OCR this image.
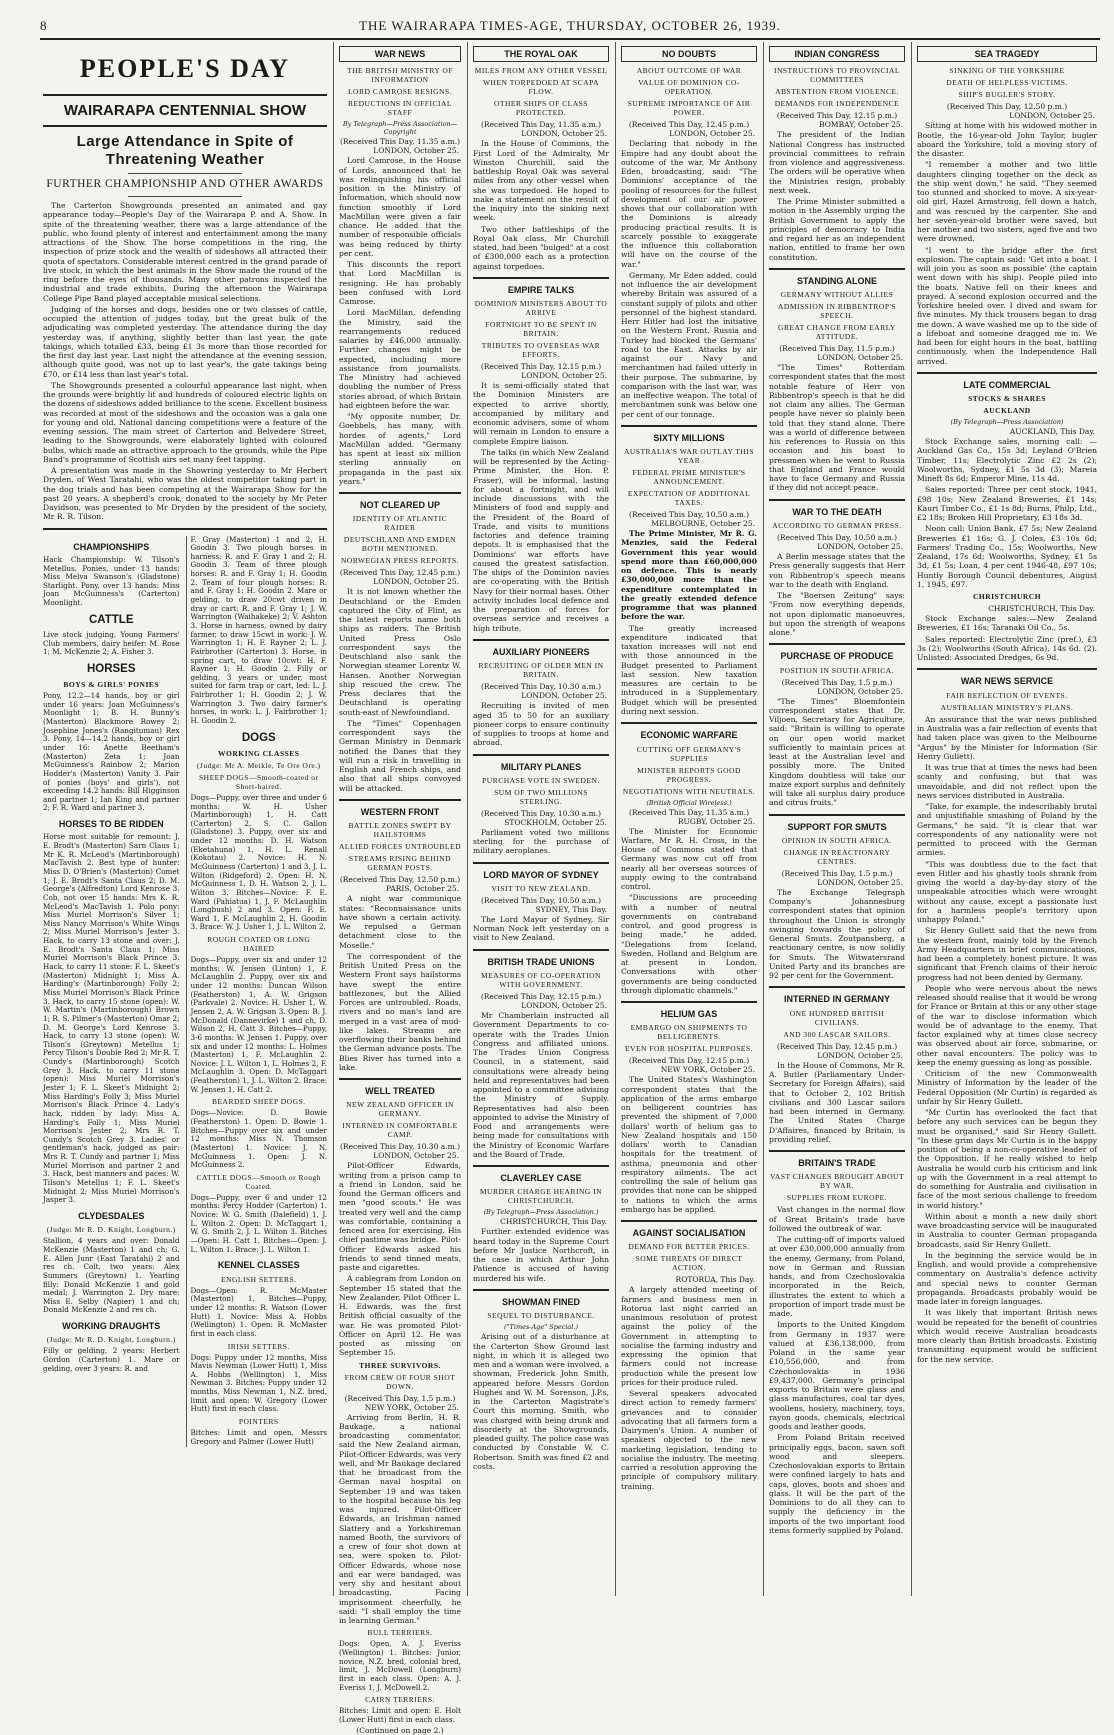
8	THE WAIRARAPA TIMES-AGE, THURSDAY, OCTOBER 26, 1939.
PEOPLE'S DAY
WAIRARAPA CENTENNIAL SHOW
Large Attendance in Spite of Threatening Weather
FURTHER CHAMPIONSHIP AND OTHER AWARDS

The Carterton Showgrounds presented an animated and gay appearance today—People's Day of the Wairarapa P. and A. Show. In spite of the threatening weather, there was a large attendance of the public, who found plenty of interest and entertainment among the many attractions of the Show. The horse competitions in the ring, the inspection of prize stock and the wealth of sideshows all attracted their quota of spectators. Considerable interest centred in the grand parade of live stock, in which the best animals in the Show made the round of the ring before the eyes of thousands. Many other patrons inspected the industrial and trade exhibits. During the afternoon the Wairarapa College Pipe Band played acceptable musical selections.

Judging of the horses and dogs, besides one or two classes of cattle, occupied the attention of judges today, but the great bulk of the adjudicating was completed yesterday. The attendance during the day yesterday was, if anything, slightly better than last year, the gate takings, which totalled £33, being £1 3s more than those recorded for the first day last year. Last night the attendance at the evening session, although quite good, was not up to last year's, the gate takings being £70, or £14 less than last year's total.

The Showgrounds presented a colourful appearance last night, when the grounds were brightly lit and hundreds of coloured electric lights on the dozens of sideshows added brilliance to the scene. Excellent business was recorded at most of the sideshows and the occasion was a gala one for young and old. National dancing competitions were a feature of the evening session. The main street of Carterton and Belvedere Street, leading to the Showgrounds, were elaborately lighted with coloured bulbs, which made an attractive approach to the grounds, while the Pipe Band's programme of Scottish airs set many feet tapping.

A presentation was made in the Showring yesterday to Mr Herbert Dryden, of West Taratahi, who was the oldest competitor taking part in the dog trials and has been competing at the Wairarapa Show for the past 20 years. A shepherd's crook, donated to the society by Mr Peter Davidson, was presented to Mr Dryden by the president of the society, Mr R. R. Tilson.

CHAMPIONSHIPS

Hack Championship: W. Tilson's Metellus. Ponies, under 13 hands: Miss Melva Swanson's (Gladstone) Starlight. Pony, over 13 hands: Miss Joan McGuinness's (Carterton) Moonlight.

CATTLE

Live stock judging, Young Farmers' Club members, dairy heifer: M. Rose 1; M. McKenzie 2; A. Fisher 3.

HORSES
BOYS & GIRLS' PONIES

Pony, 12.2—14 hands, boy or girl under 16 years: Joan McGuinness's Moonlight 1; B. H. Bunny's (Masterton) Blackmore Rowey 2; Josephine Jones's (Rangitumau) Rex 3. Pony, 14—14.2 hands, boy or girl under 16: Anette Beetham's (Masterton) Zeta 1; Joan McGuinness's Rainbow 2; Marion Hodder's (Masterton) Vanity 3. Pair of ponies (boys' and girls'), not exceeding 14.2 hands: Bill Higginson and partner 1; Ian King and partner 2; F. R. Ward and partner 3.

HORSES TO BE RIDDEN

Horse most suitable for remount: J. E. Brodt's (Masterton) Sarn Claus 1; Mr K. R. McLeod's (Martinborough) MacTavish 2. Best type of hunter: Miss D. O'Brien's (Masterton) Comet 1; J. E. Brodt's Santa Claus 2; D. M. George's (Alfredton) Lord Kenrose 3. Cob, not over 15 hands: Mrs K. R. McLeod's MacTavish 1. Polo pony: Miss Muriel Morrison's Silver 1; Miss Nancy Morrison's White Wings 2; Miss Muriel Morrison's Jester 3. Hack, to carry 13 stone and over: J. E. Brodt's Santa Claus 1; Miss Muriel Morrison's Black Prince 3. Hack, to carry 11 stone: F. L. Skeet's (Masterton) Midnight 1; Miss A. Harding's (Martinborough) Folly 2; Miss Muriel Morrison's Black Prince 3. Hack, to carry 15 stone (open): W. W. Martin's (Martinborough) Brown 1; R. S. Pilmer's (Masterton) Omar 2; D. M. George's Lord Kenrose 3. Hack, to carry 13 stone (open): W. Tilson's (Greytown) Metellus 1; Percy Tilson's Double Red 2; Mr R. T. Cundy's (Martinborough) Scotch Grey 3. Hack, to carry 11 stone (open): Miss Muriel Morrison's Jester 1; F. L. Skeet's Midnight 2; Miss Harding's Folly 3; Miss Muriel Morrison's Black Prince 4. Lady's hack, ridden by lady: Miss A. Harding's Folly 1; Miss Muriel Morrison's Jester 2; Mrs R. T. Cundy's Scotch Grey 3. Ladies' or gentleman's hack, judged as pair: Mrs R. T. Cundy and partner 1; Miss Muriel Morrison and partner 2 and 3. Hack, best manners and paces: W. Tilson's Metellus 1; F. L. Skeet's Midnight 2; Miss Muriel Morrison's Jasper 3.

CLYDESDALES
(Judge: Mr R. D. Knight, Longburn.)

Stallion, 4 years and over: Donald McKenzie (Masterton) 1 and ch; G. E. Allen Junr (East Taratahi) 2 and res ch. Colt, two years: Alex Summers (Greytown) 1. Yearling filly: Donald McKenzie 1 and gold medal; J. Warrington 2. Dry mare: Miss E. Selby (Napier) 1 and ch; Donald McKenzie 2 and res ch.

WORKING DRAUGHTS
(Judge: Mr R. D. Knight, Longburn.)

Filly or gelding, 2 years: Herbert Gordon (Carterton) 1. Mare or gelding, over 3 years: R. and

F. Gray (Masterton) 1 and 2, H. Goodin 3. Two plough horses in harness: R. and F. Gray 1 and 2; H. Goodin 3. Team of three plough horses: R. and F. Gray 1; H. Goodin 2. Team of four plough horses: R. and F. Gray 1; H. Goodin 2. Mare or gelding, to draw 20cwt driven in dray or cart: R. and F. Gray 1; J. W. Warrington (Waihakeke) 2; V. Ashton 3. Horse in harness, owned by dairy farmer, to draw 15cwt in work: J. W. Warrington 1; H. F. Rayner 2; L. J. Fairbrother (Carterton) 3. Horse, in spring cart, to draw 10cwt: H. F. Rayner 1; H. Goodin 2. Filly or gelding, 3 years or under, most suited for farm trap or cart, led: L. J. Fairbrother 1; H. Goodin 2; J. W. Warrington 3. Two dairy farmer's horses, in work: L. J. Fairbrother 1; H. Goodin 2.

DOGS
WORKING CLASSES
(Judge: Mr A. Meikle, Te Ore Ore.)
SHEEP DOGS—Smooth-coated or Short-haired.

Dogs—Puppy, over three and under 6 months: W. H. Usher (Martinborough) 1, H. Catt (Carterton) 2, S. C. Gallon (Gladstone) 3. Puppy, over six and under 12 months: D. H. Watson (Eketahuna) 1, H. L. Renall (Kokotau) 2. Novice: H. N. McGuinness (Carterton) 1 and 3, J. L. Wilton (Ridgeford) 2. Open: H. N. McGuinness 1, D. H. Watson 2, J. L. Wilton 3. Bitches—Novice: F. E. Ward (Pahiatua) 1, J. F. McLaughlin (Longbush) 2 and 3. Open: F. E. Ward 1, F. McLaughlin 2, H. Goodin 3. Brace: W. J. Usher 1, J. L. Wilton 2.

ROUGH COATED OR LONG HAIRED

Dogs—Puppy, over six and under 12 months: W. Jensen (Linton) 1, F. McLaughlin 2. Puppy, over six and under 12 months: Duncan Wilson (Featherston) 1, A. W. Grigson (Parkvale) 2. Novice: H. Usher 1, W. Jensen 2, A. W. Grigson 3. Open: B. J. McDonald (Dannevirke) 1 and ch, D. Wilson 2, H. Catt 3. Bitches—Puppy, 3-6 months: W. Jensen 1. Puppy, over six and under 12 months: L. Holmes (Masterton) 1, F. McLaughlin 2. Novice: J. L. Wilton 1, L. Holmes 2, F. McLaughlin 3. Open: D. McTaggart (Featherston) 1, J. L. Wilton 2. Brace: W. Jensen 1, H. Catt 2.

BEARDED SHEEP DOGS.

Dogs—Novice: D. Bowie (Featherston) 1. Open: D. Bowie 1. Bitches—Puppy over six and under 12 months: Miss N. Thomson (Masterton) 1. Novice: J. N. McGuinness 1. Open: J. N. McGuinness 2.

CATTLE DOGS—Smooth or Rough Coated.

Dogs—Puppy, over 6 and under 12 months: Percy Hodder (Carterton) 1. Novice: W. G. Smith (Dalefield) 1, J. L. Wilton 2. Open: D. McTaggart 1, W. G. Smith 2, J. L. Wilton 3. Bitches—Open: H. Catt 1. Bitches—Open: J. L. Wilton 1. Brace: J. L. Wilton 1.

KENNEL CLASSES
ENGLISH SETTERS.

Dogs—Open: R. McMaster (Masterton) 1. Bitches—Puppy, under 12 months: R. Watson (Lower Hutt) 1. Novice: Miss A. Hobbs (Wellington) 1. Open: R. McMaster first in each class.

IRISH SETTERS.

Dogs: Puppy under 12 months, Miss Mavis Newman (Lower Hutt) 1, Miss A. Hobbs (Wellington) 1, Miss Newman 3. Bitches: Puppy under 12 months, Miss Newman 1, N.Z. bred, limit and open: W. Gregory (Lower Hutt) first in each class.

POINTERS

Bitches: Limit and open, Messrs Gregory and Palmer (Lower Hutt)

WAR NEWS
THE BRITISH MINISTRY OF INFORMATION
LORD CAMROSE RESIGNS.
REDUCTIONS IN OFFICIAL STAFF
By Telegraph—Press Association—Copyright
(Received This Day, 11.35 a.m.)
LONDON, October 25.

Lord Camrose, in the House of Lords, announced that he was relinquishing his official position in the Ministry of Information, which should now function smoothly if Lord MacMillan were given a fair chance. He added that the number of responsible officials was being reduced by thirty per cent.

This discounts the report that Lord MacMillan is resigning. He has probably been confused with Lord Camrose.

Lord MacMillan, defending the Ministry, said the rearrangements reduced salaries by £46,000 annually. Further changes might be expected, including more assistance from journalists. The Ministry had achieved doubling the number of Press stories abroad, of which Britain had eighteen before the war.

"My opposite number, Dr. Goebbels, has many, with hordes of agents," Lord MacMillan added. "Germany has spent at least six million sterling annually on propaganda in the past six years."

NOT CLEARED UP
IDENTITY OF ATLANTIC RAIDER
DEUTSCHLAND AND EMDEN BOTH MENTIONED.
NORWEGIAN PRESS REPORTS.
(Received This Day, 12.45 p.m.)
LONDON, October 25.

It is not known whether the Deutschland or the Emden captured the City of Flint, as the latest reports name both ships as raiders. The British United Press Oslo correspondent says the Deutschland also sank the Norwegian steamer Lorentz W. Hansen. Another Norwegian ship rescued the crew. The Press declares that the Deutschland is operating south-east of Newfoundland.

The "Times" Copenhagen correspondent says the German Ministry in Denmark notified the Danes that they will run a risk in travelling in English and French ships, and also that all ships convoyed will be attacked.

WESTERN FRONT
BATTLE ZONES SWEPT BY HAILSTORMS
ALLIED FORCES UNTROUBLED
STREAMS RISING BEHIND GERMAN POSTS.
(Received This Day, 12.50 p.m.)
PARIS, October 25.

A night war communique states: "Reconnaissance units have shown a certain activity. We repulsed a German detachment close to the Moselle."

The correspondent of the British United Press on the Western Front says hailstorms have swept the entire battlezones, but the Allied Forces are untroubled. Roads, rivers and no man's land are merged in a vast area of mud-like lakes. Streams are overflowing their banks behind the German advance posts. The Blies River has turned into a lake.

WELL TREATED
NEW ZEALAND OFFICER IN GERMANY.
INTERNED IN COMFORTABLE CAMP.
(Received This Day, 10.30 a.m.)
LONDON, October 25.

Pilot-Officer Edwards, writing from a prison camp to a friend in London, said he found the German officers and men "good scouts." He was treated very well and the camp was comfortable, containing a fenced area for exercising. His chief pastime was bridge. Pilot-Officer Edwards asked his friends to send tinned meats, paste and cigarettes.

A cablegram from London on September 15 stated that the New Zealander, Pilot Officer L. H. Edwards, was the first British official casualty of the war. He was promoted Pilot-Officer on April 12. He was posted as missing on September 15.

THREE SURVIVORS.
FROM CREW OF FOUR SHOT DOWN.
(Received This Day, 1.5 p.m.)
NEW YORK, October 25.

Arriving from Berlin, H. R. Baukage, a national broadcasting commentator, said the New Zealand airman, Pilot-Officer Edwards, was very well, and Mr Baukage declared that he broadcast from the German naval hospital on September 19 and was taken to the hospital because his leg was injured. Pilot-Officer Edwards, an Irishman named Slattery and a Yorkshireman named Booth, the survivors of a crew of four shot down at sea, were spoken to. Pilot-Officer Edwards, whose nose and ear were bandaged, was very shy and hesitant about broadcasting. Facing imprisonment cheerfully, he said: "I shall employ the time in learning German."

BULL TERRIERS.

Dogs: Open, A. J. Everiss (Wellington) 1. Bitches: Junior, novice, N.Z. bred, colonial bred, limit, J. McDowell (Longburn) first in each class. Open: A. J. Everiss 1, J. McDowell 2.

CAIRN TERRIERS.

Bitches: Limit and open: E. Holt (Lower Hutt) first in each class.

(Continued on page 2.)
THE ROYAL OAK
MILES FROM ANY OTHER VESSEL
WHEN TORPEDOED AT SCAPA FLOW.
OTHER SHIPS OF CLASS PROTECTED.
(Received This Day, 11.35 a.m.)
LONDON, October 25.

In the House of Commons, the First Lord of the Admiralty, Mr Winston Churchill, said the battleship Royal Oak was several miles from any other vessel when she was torpedoed. He hoped to make a statement on the result of the inquiry into the sinking next week.

Two other battleships of the Royal Oak class, Mr Churchill stated, had been "bulged" at a cost of £300,000 each as a protection against torpedoes.

EMPIRE TALKS
DOMINION MINISTERS ABOUT TO ARRIVE
FORTNIGHT TO BE SPENT IN BRITAIN.
TRIBUTES TO OVERSEAS WAR EFFORTS.
(Received This Day, 12.15 p.m.)
LONDON, October 25.

It is semi-officially stated that the Dominion Ministers are expected to arrive shortly, accompanied by military and economic advisers, some of whom will remain in London to ensure a complete Empire liaison.

The talks (in which New Zealand will be represented by the Acting-Prime Minister, the Hon. P. Fraser), will be informal, lasting for about a fortnight, and will include discussions with the Ministers of food and supply and the President of the Board of Trade, and visits to munitions factories and defence training depots. It is emphasised that the Dominions' war efforts have caused the greatest satisfaction. The ships of the Dominion navies are co-operating with the British Navy for their normal bases. Other activity includes local defence and the preparation of forces for overseas service and receives a high tribute.

AUXILIARY PIONEERS
RECRUITING OF OLDER MEN IN BRITAIN.
(Received This Day, 10.30 a.m.)
LONDON, October 25.

Recruiting is invited of men aged 35 to 50 for an auxiliary pioneer corps to ensure continuity of supplies to troops at home and abroad.

MILITARY PLANES
PURCHASE VOTE IN SWEDEN.
SUM OF TWO MILLIONS STERLING.
(Received This Day, 10.30 a.m.)
STOCKHOLM, October 25.

Parliament voted two millions sterling for the purchase of military aeroplanes.

LORD MAYOR OF SYDNEY
VISIT TO NEW ZEALAND.
(Received This Day, 10.50 a.m.)
SYDNEY, This Day.

The Lord Mayor of Sydney, Sir Norman Nock left yesterday on a visit to New Zealand.

BRITISH TRADE UNIONS
MEASURES OF CO-OPERATION WITH GOVERNMENT.
(Received This Day, 12.15 p.m.)
LONDON, October 25.

Mr Chamberlain instructed all Government Departments to co-operate with the Trades Union Congress and affiliated unions. The Trades Union Congress Council, in a statement, said consultations were already being held and representatives had been appointed to a committee advising the Ministry of Supply. Representatives had also been appointed to advise the Ministry of Food and arrangements were being made for consultations with the Ministry of Economic Warfare and the Board of Trade.

CLAVERLEY CASE
MURDER CHARGE HEARING IN CHRISTCHURCH.
(By Telegraph—Press Association.)
CHRISTCHURCH, This Day.

Further extended evidence was heard today in the Supreme Court before Mr Justice Northcroft, in the case in which Arthur John Patience is accused of having murdered his wife.

SHOWMAN FINED
SEQUEL TO DISTURBANCE.
("Times-Age" Special.)

Arising out of a disturbance at the Carterton Show Ground last night, in which it is alleged two men and a woman were involved, a showman, Frederick John Smith, appeared before Messrs Gordon Hughes and W. M. Sorenson, J.P.s, in the Carterton Magistrate's Court this morning. Smith, who was charged with being drunk and disorderly at the Showgrounds, pleaded guilty. The police case was conducted by Constable W. C. Robertson. Smith was fined £2 and costs.

NO DOUBTS
ABOUT OUTCOME OF WAR
VALUE OF DOMINION CO-OPERATION.
SUPREME IMPORTANCE OF AIR POWER.
(Received This Day, 12.45 p.m.)
LONDON, October 25.

Declaring that nobody in the Empire had any doubt about the outcome of the war, Mr Anthony Eden, broadcasting, said: "The Dominions' acceptance of the pooling of resources for the fullest development of our air power shows that our collaboration with the Dominions is already producing practical results. It is scarcely possible to exaggerate the influence this collaboration will have on the course of the war."

Germany, Mr Eden added, could not influence the air development whereby Britain was assured of a constant supply of pilots and other personnel of the highest standard. Herr Hitler had lost the initiative on the Western Front. Russia and Turkey had blocked the Germans' road to the East. Attacks by air against our Navy and merchantmen had failed utterly in their purpose. The submarine, by comparison with the last war, was an ineffective weapon. The total of merchantmen sunk was below one per cent of our tonnage.

SIXTY MILLIONS
AUSTRALIA'S WAR OUTLAY THIS YEAR
FEDERAL PRIME MINISTER'S ANNOUNCEMENT.
EXPECTATION OF ADDITIONAL TAXES.
(Received This Day, 10.50 a.m.)
MELBOURNE, October 25.

The Prime Minister, Mr R. G. Menzies, said the Federal Government this year would spend more than £60,000,000 on defence. This is nearly £30,000,000 more than the expenditure contemplated in the greatly extended defence programme that was planned before the war.

The greatly increased expenditure indicated that taxation increases will not end with those announced in the Budget presented to Parliament last session. New taxation measures are certain to be introduced in a Supplementary Budget which will be presented during next session.

ECONOMIC WARFARE
CUTTING OFF GERMANY'S SUPPLIES
MINISTER REPORTS GOOD PROGRESS.
NEGOTIATIONS WITH NEUTRALS.
(British Official Wireless.)
(Received This Day, 11.35 a.m.)
RUGBY, October 25.

The Minister for Economic Warfare, Mr R. H. Cross, in the House of Commons stated that Germany was now cut off from nearly all her overseas sources of supply owing to the contraband control.

"Discussions are proceeding with a number of neutral governments on contraband control, and good progress is being made," he added. "Delegations from Iceland, Sweden, Holland and Belgium are at present in London. Conversations with other governments are being conducted through diplomatic channels."

HELIUM GAS
EMBARGO ON SHIPMENTS TO BELLIGERENTS.
EVEN FOR HOSPITAL PURPOSES.
(Received This Day, 12.15 p.m.)
NEW YORK, October 25.

The United States's Washington correspondent states that the application of the arms embargo on belligerent countries has prevented the shipment of 7,000 dollars' worth of helium gas to New Zealand hospitals and 150 dollars' worth to Canadian hospitals for the treatment of asthma, pneumonia and other respiratory ailments. The act controlling the sale of helium gas provides that none can be shipped to nations to which the arms embargo has be applied.

AGAINST SOCIALISATION
DEMAND FOR BETTER PRICES.
SOME THREATS OF DIRECT ACTION.
ROTORUA, This Day.

A largely attended meeting of farmers and business men in Rotorua last night carried an unanimous resolution of protest against the policy of the Government in attempting to socialise the farming industry and expressing the opinion that farmers could not increase production while the present low prices for their produce ruled.

Several speakers advocated direct action to remedy farmers' grievances and to consider advocating that all farmers form a Dairymen's Union. A number of speakers objected to the new marketing legislation, tending to socialise the industry. The meeting carried a resolution approving the principle of compulsory military training.

INDIAN CONGRESS
INSTRUCTIONS TO PROVINCIAL COMMITTEES
ABSTENTION FROM VIOLENCE.
DEMANDS FOR INDEPENDENCE
(Received This Day, 12.15 p.m.)
BOMBAY, October 25.

The president of the Indian National Congress has instructed provincial committees to refrain from violence and aggressiveness. The orders will be operative when the Ministries resign, probably next week.

The Prime Minister submitted a motion in the Assembly urging the British Government to apply the principles of democracy to India and regard her as an independent nation, entitled to frame her own constitution.

STANDING ALONE
GERMANY WITHOUT ALLIES
ADMISSION IN RIBBENTROP'S SPEECH.
GREAT CHANGE FROM EARLY ATTITUDE.
(Received This Day, 11.5 p.m.)
LONDON, October 25.

"The Times" Rotterdam correspondent states that the most notable feature of Herr von Ribbentrop's speech is that he did not claim any allies. The German people have never so plainly been told that they stand alone. There was a world of difference between his references to Russia on this occasion and his boast to pressmen when he went to Russia that England and France would have to face Germany and Russia if they did not accept peace.

WAR TO THE DEATH
ACCORDING TO GERMAN PRESS.
(Received This Day, 10.50 a.m.)
LONDON, October 25.

A Berlin message states that the Press generally suggests that Herr von Ribbentrop's speech means war to the death with England.

The "Boersen Zeitung" says: "From now everything depends, not upon diplomatic manoeuvres, but upon the strength of weapons alone."

PURCHASE OF PRODUCE
POSITION IN SOUTH AFRICA.
(Received This Day, 1.5 p.m.)
LONDON, October 25.

"The Times" Bloemfontein correspondent states that Dr. Viljoen, Secretary for Agriculture, said: "Britain is willing to operate on our open world market sufficiently to maintain prices at least at the Australian level and possibly more. The United Kingdom doubtless will take our maize export surplus and definitely will take all surplus dairy produce and citrus fruits."

SUPPORT FOR SMUTS
OPINION IN SOUTH AFRICA.
CHANGE IN REACTIONARY CENTRES.
(Received This Day, 1.5 p.m.)
LONDON, October 25.

The Exchange Telegraph Company's Johannesburg correspondent states that opinion throughout the Union is strongly swinging towards the policy of General Smuts. Zoutpansberg, a reactionary centre, is now solidly for Smuts. The Witwatersrand United Party and its branches are 92 per cent for the Government.

INTERNED IN GERMANY
ONE HUNDRED BRITISH CIVILIANS.
AND 300 LASCAR SAILORS.
(Received This Day, 12.45 p.m.)
LONDON, October 25.

In the House of Commons, Mr R. A. Butler (Parliamentary Under-Secretary for Foreign Affairs), said that to October 2, 102 British civilians and 300 Lascar sailors had been interned in Germany. The United States Charge D'Affaires, financed by Britain, is providing relief.

BRITAIN'S TRADE
VAST CHANGES BROUGHT ABOUT BY WAR.
SUPPLIES FROM EUROPE.

Vast changes in the normal flow of Great Britain's trade have followed the outbreak of war.

The cutting-off of imports valued at over £30,000,000 annually from the enemy, Germany, from Poland, now in German and Russian hands, and from Czechoslovakia incorporated in the Reich, illustrates the extent to which a proportion of import trade must be made.

Imports to the United Kingdom from Germany in 1937 were valued at £36,138,000, from Poland in the same year £10,556,000, and from Czechoslovakia in 1936 £9,437,000. Germany's principal exports to Britain were glass and glass manufactures, coal tar dyes, woollens, hosiery, machinery, toys, rayon goods, chemicals, electrical goods and leather goods.

From Poland Britain received principally eggs, bacon, sawn soft wood and sleepers. Czechoslovakian exports to Britain were confined largely to hats and caps, gloves, boots and shoes and glass. It will be the part of the Dominions to do all they can to supply the deficiency in the imports of the two important food items formerly supplied by Poland.

SEA TRAGEDY
SINKING OF THE YORKSHIRE
DEATH OF HELPLESS VICTIMS.
SHIP'S BUGLER'S STORY.
(Received This Day, 12.50 p.m.)
LONDON, October 25.

Sitting at home with his widowed mother in Bootle, the 16-year-old John Taylor, bugler aboard the Yorkshire, told a moving story of the disaster.

"I remember a mother and two little daughters clinging together on the deck as the ship went down," he said. "They seemed too stunned and shocked to move. A six-year-old girl, Hazel Armstrong, fell down a hatch, and was rescued by the carpenter. She and her seven-year-old brother were saved, but her mother and two sisters, aged five and two were drowned.

"I went to the bridge after the first explosion. The captain said: 'Get into a boat. I will join you as soon as possible' (the captain went down with his ship). People piled into the boats. Native fell on their knees and prayed. A second explosion occurred and the Yorkshire heeled over. I dived and swam for five minutes. My thick trousers began to drag me down. A wave washed me up to the side of a lifeboat and someone dragged me in. We had been for eight hours in the boat, battling continuously, when the Independence Hall arrived.

LATE COMMERCIAL
STOCKS & SHARES
AUCKLAND
(By Telegraph—Press Association)
AUCKLAND, This Day.

Stock Exchange sales, morning call: —Auckland Gas Co., 15s 3d; Leyland O'Brien Timber, 11s; Electrolytic Zinc £2 2s (2); Woolworths, Sydney, £1 5s 3d (3); Mareia Mineft 8s 6d; Emperor Mine, 11s 4d.

Sales reported: Three per cent stock, 1941, £98 10s; New Zealand Breweries, £1 14s; Kauri Timber Co., £1 1s 8d; Burns, Philp, Ltd., £2 18s; Broken Hill Proprietary, £3 18s 3d.

Noon call: Union Bank, £7 5s; New Zealand Breweries £1 16s; G. J. Coles, £3 10s 6d; Farmers' Trading Co., 15s; Woolworths, New Zealand, 17s 6d; Woolworths, Sydney, £1 5s 3d, £1 5s; Loan, 4 per cent 1946-48, £97 10s; Huntly Borough Council debentures, August 1, 1945, £97.

CHRISTCHURCH
CHRISTCHURCH, This Day.

Stock Exchange sales:—New Zealand Breweries, £1 16s; Taranaki Oil Co., 5s.

Sales reported: Electrolytic Zinc (pref.), £3 3s (2); Woolworths (South Africa), 14s 6d. (2). Unlisted: Associated Dredges, 6s 9d.

WAR NEWS SERVICE
FAIR REFLECTION OF EVENTS.
AUSTRALIAN MINISTRY'S PLANS.

An assurance that the war news published in Australia was a fair reflection of events that had taken place was given to the Melbourne "Argus" by the Minister for Information (Sir Henry Gullett).

It was true that at times the news had been scanty and confusing, but that was unavoidable, and did not reflect upon the news services distributed in Australia.

"Take, for example, the indescribably brutal and unjustifiable smashing of Poland by the Germans," he said. "It is clear that war correspondents of any nationality were not permitted to proceed with the German armies.

"This was doubtless due to the fact that even Hitler and his ghastly tools shrank from giving the world a day-by-day story of the unspeakable atrocities which were wrought without any cause, except a passionate lust for a harmless people's territory upon unhappy Poland."

Sir Henry Gullett said that the news from the western front, mainly told by the French Army Headquarters in brief communications, had been a completely honest picture. It was significant that French claims of their heroic progress had not been denied by Germany.

People who were nervous about the news released should realise that it would be wrong for France or Britain at this or any other stage of the war to disclose information which would be of advantage to the enemy. That factor explained why at times close secrecy was observed about air force, submarine, or other naval encounters. The policy was to keep the enemy guessing as long as possible.

Criticism of the new Commonwealth Ministry of Information by the leader of the Federal Opposition (Mr Curtin) is regarded as unfair by Sir Henry Gullett.

"Mr Curtin has overlooked the fact that before any such services can be begun they must be organised," said Sir Henry Gullett. "In these grim days Mr Curtin is in the happy position of being a non-co-operative leader of the Opposition. If he really wished to help Australia he would curb his criticism and link up with the Government in a real attempt to do something for Australia and civilisation in face of the most serious challenge to freedom in world history."

Within about a month a new daily short wave broadcasting service will be inaugurated in Australia to counter German propaganda broadcasts, said Sir Henry Gullett.

In the beginning the service would be in English, and would provide a comprehensive commentary on Australia's defence activity and special news to counter German propaganda. Broadcasts probably would be made later in foreign languages.

It was likely that important British news would be repeated for the benefit of countries which would receive Australian broadcasts more clearly than British broadcasts. Existing transmitting equipment would be sufficient for the new service.
